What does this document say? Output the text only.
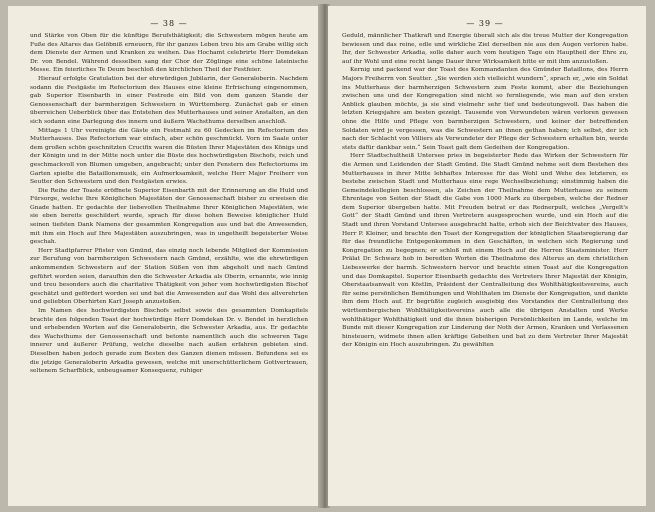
— 38 —

und Stärke von Oben für die künftige Berufsthätigkeit; die Schwestern mögen heute am Fuße des Altares das Gelöbniß erneuern, für ihr ganzes Leben treu bis am Grabe willig sich dem Dienste der Armen und Kranken zu weihen. Das Hochamt celebrirte Herr Domdekan Dr. von Bendel. Während desselben sang der Chor der Zöglinge eine schöne lateinische Messe. Ein feierliches Te Deum beschloß den kirchlichen Theil der Festfeier.

Hierauf erfolgte Gratulation bei der ehrwürdigen Jubilarin, der Generaloberin. Nachdem sodann die Festgäste im Refectorium des Hauses eine kleine Erfrischung eingenommen, gab Superior Eisenbarth in einer Festrede ein Bild von dem ganzen Stande der Genossenschaft der barmherzigen Schwestern in Württemberg. Zunächst gab er einen überreichen Ueberblick über das Entstehen des Mutterhauses und seiner Anstalten, an den sich sodann eine Darlegung des innern und äußern Wachsthums derselben anschloß.

Mittags 1 Uhr vereinigte die Gäste ein Festmahl zu 60 Gedecken im Refectorium des Mutterhauses. Das Refectorium war einfach, aber schön geschmückt. Vorn im Saale unter dem großen schön geschnitzten Crucifix waren die Büsten Ihrer Majestäten des Königs und der Königin und in der Mitte noch unter die Büste des hochwürdigsten Bischofs, reich und geschmackvoll von Blumen umgeben, angebracht; unter den Fenstern des Refectoriums im Garten spielte die Bataillonsmusik, ein Aufmerksamkeit, welche Herr Major Freiherr von Seutter den Schwestern und den Festgästen erwies.

Die Reihe der Toaste eröffnete Superior Eisenbarth mit der Erinnerung an die Huld und Fürsorge, welche Ihre Königlichen Majestäten der Genossenschaft bisher zu erweisen die Gnade hatten. Er gedachte der liebevollen Theilnahme Ihrer Königlichen Majestäten, wie sie eben bereits geschildert wurde, sprach für diese hohen Beweise königlicher Huld seinen tiefsten Dank Namens der gesammten Kongregation aus und bat die Anwesenden, mit ihm ein Hoch auf Ihre Majestäten auszubringen, was in ungetheilt begeisterter Weise geschah.

Herr Stadtpfarrer Pfister von Gmünd, das einzig noch lebende Mitglied der Kommission zur Berufung von barmherzigen Schwestern nach Gmünd, erzählte, wie die ehrwürdigen ankommenden Schwestern auf der Station Süßen von ihm abgeholt und nach Gmünd geführt worden seien, daraufhin den die Schwester Arkadia als Oberin, ernannte, wie innig und treu besonders auch die charitative Thätigkeit von jeher vom hochwürdigsten Bischof geschätzt und gefördert worden sei und bat die Anwesenden auf das Wohl des allverehrten und geliebten Oberhirten Karl Joseph anzustoßen.

Im Namen des hochwürdigsten Bischofs selbst sowie des gesammten Domkapitels brachte den folgenden Toast der hochwürdige Herr Domdekan Dr. v. Bendel in herzlichen und erhebenden Worten auf die Generaloberin, die Schwester Arkadia, aus. Er gedachte des Wachsthums der Genossenschaft und betonte namentlich auch die schweren Tage innerer und äußerer Prüfung, welche dieselbe nach außen erfahren gebieten sind. Dieselben haben jedoch gerade zum Besten des Ganzen dienen müssen. Befundens sei es die jetzige Generaloberin Arkadia gewesen, welche mit unerschütterlichem Gottvertrauen, seltenem Scharfblick, unbeugsamer Konsequenz, ruhiger

— 39 —

Geduld, männlicher Thatkraft und Energie überall sich als die treue Mutter der Kongregation bewiesen und das reine, edle und wirkliche Ziel derselben nie aus den Augen verloren habe. Ihr, der Schwester Arkadia, solle daher auch vom heutigen Tage ein Hauptheil der Ehre zu, auf ihr Wohl und eine recht lange Dauer ihrer Wirksamkeit bitte er mit ihm anzustoßen.

Kernig und packend war der Toast des Kommandanten des Gmünder Bataillons, des Herrn Majors Freiherrn von Seutter. „Sie werden sich vielleicht wundern“, sprach er, „wie ein Soldat ins Mutterhaus der barmherzigen Schwestern zum Feste kommt, aber die Beziehungen zwischen uns und der Kongregation sind nicht so fernliegende, wie man auf den ersten Anblick glauben möchte, ja sie sind vielmehr sehr tief und bedeutungsvoll. Das haben die letzten Kriegsjahre am besten gezeigt. Tausende von Verwundeten wären verloren gewesen ohne die Hilfe und Pflege von barmherzigen Schwestern, und keiner der betreffenden Soldaten wird je vergessen, was die Schwestern an ihnen gethan haben; ich selbst, der ich nach der Schlacht von Villiers als Verwundeter der Pflege der Schwestern erhalten bin, werde stets dafür dankbar sein.“ Sein Toast galt dem Gedeihen der Kongregation.

Herr Stadtschultheiß Untersee pries in begeisterter Rede das Wirken der Schwestern für die Armen und Leidenden der Stadt Gmünd. Die Stadt Gmünd nehme seit dem Bestehen des Mutterhauses in ihrer Mitte lebhaftes Interesse für das Wohl und Wehe des letzteren, es bestehe zwischen Stadt und Mutterhaus eine rege Wechselbeziehung; einstimmig haben die Gemeindekollegien beschlossen, als Zeichen der Theilnahme dem Mutterhause zu seinem Ehrentage von Seiten der Stadt die Gabe von 1000 Mark zu übergeben, welche der Redner dem Superior übergeben hatte. Mit Freuden betrat er das Rednerpult, welches „Vergelt's Gott“ der Stadt Gmünd und ihren Vertretern ausgesprochen wurde, und ein Hoch auf die Stadt und ihren Vorstand Untersee ausgebracht hatte, erhob sich der Beichtvater des Hauses, Herr P. Kleiner, und brachte den Toast der Kongregation der königlichen Staatsregierung dar für das freundliche Entgegenkommen in den Geschäften, in welchen sich Regierung und Kongregation zu begegnen; er schloß mit einem Hoch auf die Herren Staatsminister. Herr Prälat Dr. Schwarz hob in beredten Worten die Theilnahme des Alterus an dem christlichen Liebeswerke der barmh. Schwestern hervor und brachte einen Toast auf die Kongregation und das Domkapitel. Superior Eisenbarth gedachte des Vertreters Ihrer Majestät der Königin, Oberstaatsanwalt von Köstlin, Präsident der Centralleitung des Wohlthätigkeitsvereins, auch für seine persönlichen Bemühungen und Wohlthaten im Dienste der Kongregation, und dankte ihm dem Hoch auf. Er begrüßte zugleich ausgiebig des Vorstandes der Centralleitung des württembergischen Wohlthätigkeitsvereins auch alle die übrigen Anstalten und Werke wohlthätiger Wohlthätigkeit und die ihnen bisherigen Persönlichkeiten im Lande, welche im Bunde mit dieser Kongregation zur Linderung der Noth der Armen, Kranken und Verlassenen hinsteuern, widmete ihnen allen kräftige Gebeihen und bat zu dem Vertreter Ihrer Majestät der Königin ein Hoch auszubringen. Zu gewählten
